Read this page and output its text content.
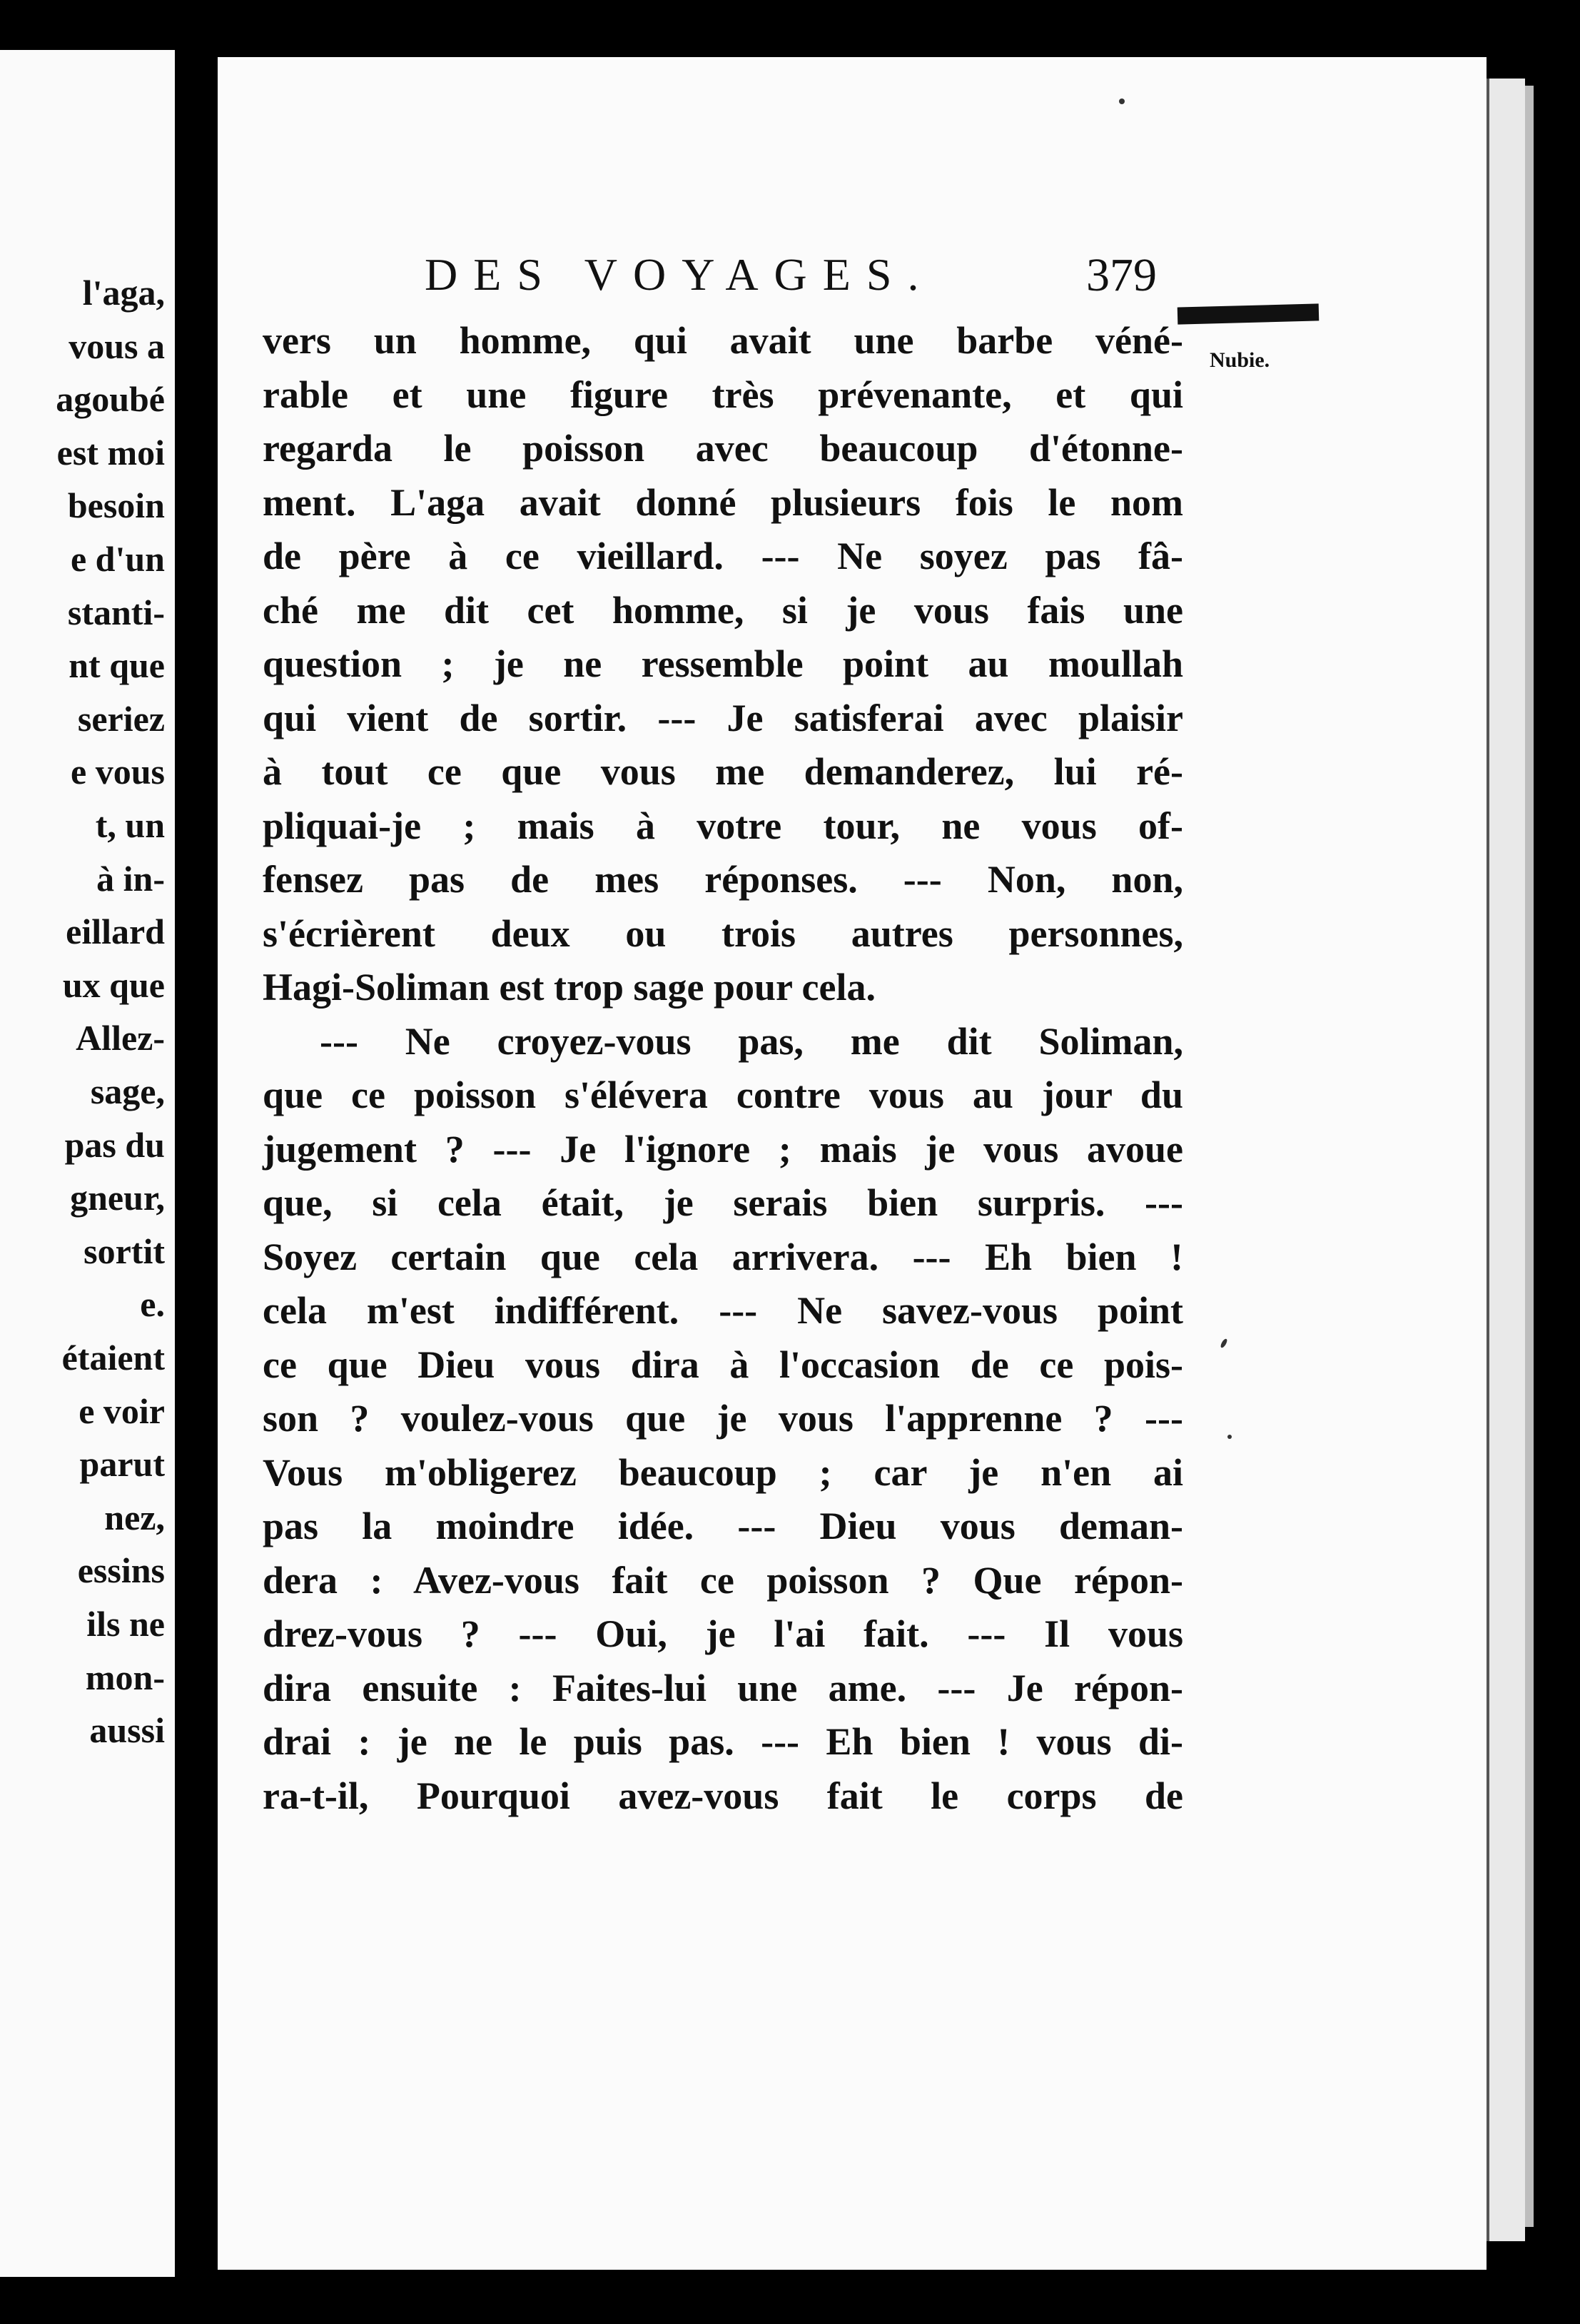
l'aga,
vous a
agoubé
est moi
besoin
e d'un
stanti-
nt que
seriez
e vous
t, un
à in-
eillard
ux que
Allez-
sage,
pas du
gneur,
sortit
e.
étaient
e voir
parut
nez,
essins
ils ne
mon-
aussi
DES VOYAGES.	379
Nubie.
vers un homme, qui avait une barbe véné-
rable et une figure très prévenante, et qui
regarda le poisson avec beaucoup d'étonne-
ment. L'aga avait donné plusieurs fois le nom
de père à ce vieillard. --- Ne soyez pas fâ-
ché me dit cet homme, si je vous fais une
question ; je ne ressemble point au moullah
qui vient de sortir. --- Je satisferai avec plaisir
à tout ce que vous me demanderez, lui ré-
pliquai-je ; mais à votre tour, ne vous of-
fensez pas de mes réponses. --- Non, non,
s'écrièrent deux ou trois autres personnes,
Hagi-Soliman est trop sage pour cela.
--- Ne croyez-vous pas, me dit Soliman,
que ce poisson s'élévera contre vous au jour du
jugement ? --- Je l'ignore ; mais je vous avoue
que, si cela était, je serais bien surpris. ---
Soyez certain que cela arrivera. --- Eh bien !
cela m'est indifférent. --- Ne savez-vous point
ce que Dieu vous dira à l'occasion de ce pois-
son ? voulez-vous que je vous l'apprenne ? ---
Vous m'obligerez beaucoup ; car je n'en ai
pas la moindre idée. --- Dieu vous deman-
dera : Avez-vous fait ce poisson ? Que répon-
drez-vous ? --- Oui, je l'ai fait. --- Il vous
dira ensuite : Faites-lui une ame. --- Je répon-
drai : je ne le puis pas. --- Eh bien ! vous di-
ra-t-il, Pourquoi avez-vous fait le corps de
